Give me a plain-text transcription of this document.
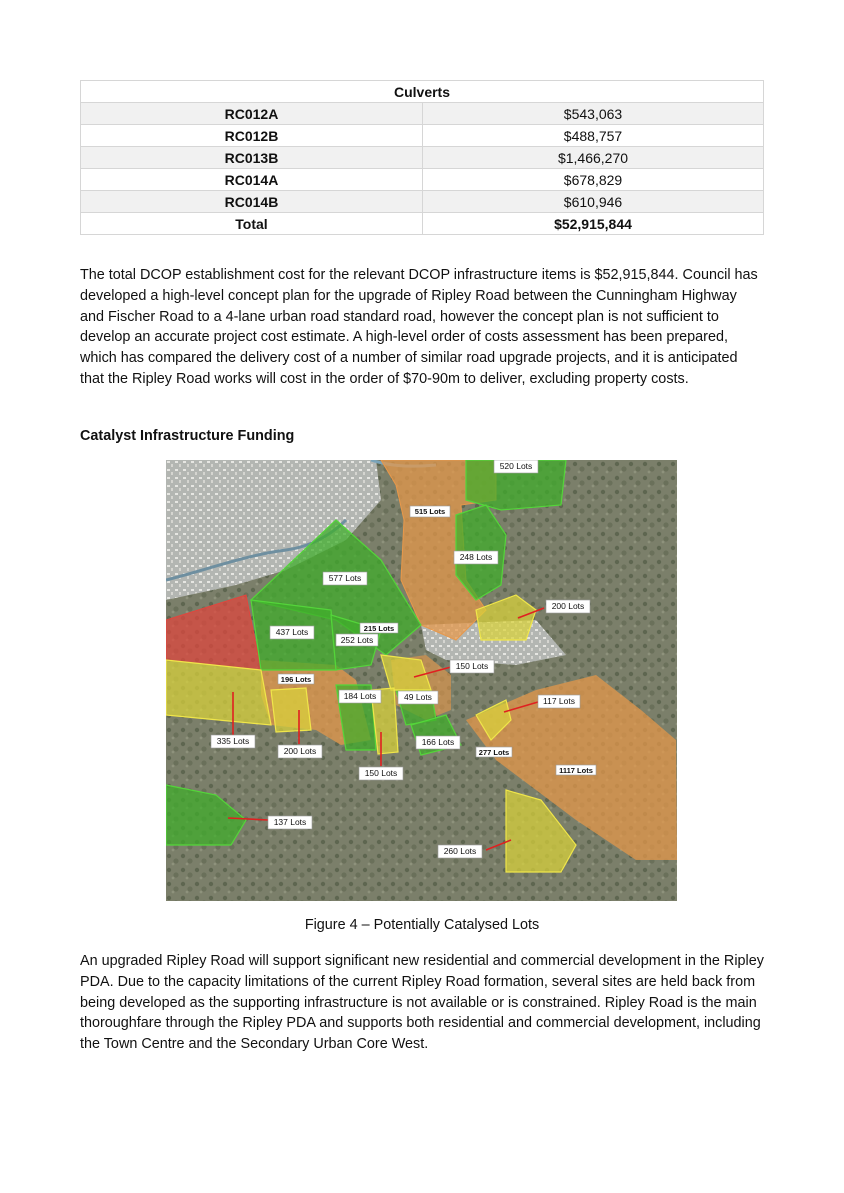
Culverts	
RC012A	$543,063
RC012B	$488,757
RC013B	$1,466,270
RC014A	$678,829
RC014B	$610,946
Total	$52,915,844

The total DCOP establishment cost for the relevant DCOP infrastructure items is $52,915,844. Council has developed a high-level concept plan for the upgrade of Ripley Road between the Cunningham Highway and Fischer Road to a 4-lane urban road standard road, however the concept plan is not sufficient to develop an accurate project cost estimate. A high-level order of costs assessment has been prepared, which has compared the delivery cost of a number of similar road upgrade projects, and it is anticipated that the Ripley Road works will cost in the order of $70-90m to deliver, excluding property costs.

Catalyst Infrastructure Funding

520 Lots
515 Lots
248 Lots
577 Lots
200 Lots
437 Lots	215 Lots
252 Lots
150 Lots
196 Lots
184 Lots	49 Lots	117 Lots
335 Lots
200 Lots
166 Lots
277 Lots
1117 Lots
150 Lots
137 Lots
260 Lots

Figure 4 – Potentially Catalysed Lots

An upgraded Ripley Road will support significant new residential and commercial development in the Ripley PDA. Due to the capacity limitations of the current Ripley Road formation, several sites are held back from being developed as the supporting infrastructure is not available or is constrained. Ripley Road is the main thoroughfare through the Ripley PDA and supports both residential and commercial development, including the Town Centre and the Secondary Urban Core West.
